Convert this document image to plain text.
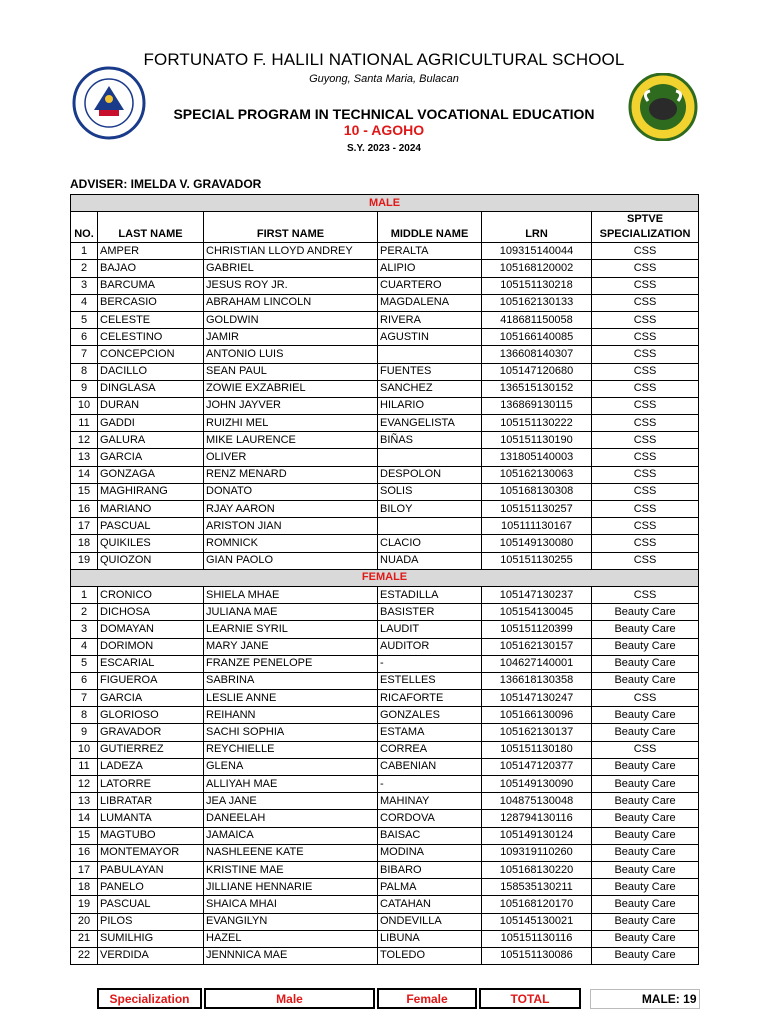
FORTUNATO F. HALILI NATIONAL AGRICULTURAL SCHOOL
Guyong, Santa Maria, Bulacan
SPECIAL PROGRAM IN TECHNICAL VOCATIONAL EDUCATION
10 - AGOHO
S.Y. 2023 - 2024
ADVISER: IMELDA V. GRAVADOR
MALE					
NO.	LAST NAME	FIRST NAME	MIDDLE NAME	LRN	SPTVE
SPECIALIZATION
1	AMPER	CHRISTIAN LLOYD ANDREY	PERALTA	109315140044	CSS
2	BAJAO	GABRIEL	ALIPIO	105168120002	CSS
3	BARCUMA	JESUS ROY JR.	CUARTERO	105151130218	CSS
4	BERCASIO	ABRAHAM LINCOLN	MAGDALENA	105162130133	CSS
5	CELESTE	GOLDWIN	RIVERA	418681150058	CSS
6	CELESTINO	JAMIR	AGUSTIN	105166140085	CSS
7	CONCEPCION	ANTONIO LUIS		136608140307	CSS
8	DACILLO	SEAN PAUL	FUENTES	105147120680	CSS
9	DINGLASA	ZOWIE EXZABRIEL	SANCHEZ	136515130152	CSS
10	DURAN	JOHN JAYVER	HILARIO	136869130115	CSS
11	GADDI	RUIZHI MEL	EVANGELISTA	105151130222	CSS
12	GALURA	MIKE LAURENCE	BIÑAS	105151130190	CSS
13	GARCIA	OLIVER		131805140003	CSS
14	GONZAGA	RENZ MENARD	DESPOLON	105162130063	CSS
15	MAGHIRANG	DONATO	SOLIS	105168130308	CSS
16	MARIANO	RJAY AARON	BILOY	105151130257	CSS
17	PASCUAL	ARISTON JIAN		105111130167	CSS
18	QUIKILES	ROMNICK	CLACIO	105149130080	CSS
19	QUIOZON	GIAN PAOLO	NUADA	105151130255	CSS
FEMALE					
1	CRONICO	SHIELA MHAE	ESTADILLA	105147130237	CSS
2	DICHOSA	JULIANA MAE	BASISTER	105154130045	Beauty Care
3	DOMAYAN	LEARNIE SYRIL	LAUDIT	105151120399	Beauty Care
4	DORIMON	MARY JANE	AUDITOR	105162130157	Beauty Care
5	ESCARIAL	FRANZE PENELOPE	-	104627140001	Beauty Care
6	FIGUEROA	SABRINA	ESTELLES	136618130358	Beauty Care
7	GARCIA	LESLIE ANNE	RICAFORTE	105147130247	CSS
8	GLORIOSO	REIHANN	GONZALES	105166130096	Beauty Care
9	GRAVADOR	SACHI SOPHIA	ESTAMA	105162130137	Beauty Care
10	GUTIERREZ	REYCHIELLE	CORREA	105151130180	CSS
11	LADEZA	GLENA	CABENIAN	105147120377	Beauty Care
12	LATORRE	ALLIYAH MAE	-	105149130090	Beauty Care
13	LIBRATAR	JEA JANE	MAHINAY	104875130048	Beauty Care
14	LUMANTA	DANEELAH	CORDOVA	128794130116	Beauty Care
15	MAGTUBO	JAMAICA	BAISAC	105149130124	Beauty Care
16	MONTEMAYOR	NASHLEENE KATE	MODINA	109319110260	Beauty Care
17	PABULAYAN	KRISTINE MAE	BIBARO	105168130220	Beauty Care
18	PANELO	JILLIANE HENNARIE	PALMA	158535130211	Beauty Care
19	PASCUAL	SHAICA MHAI	CATAHAN	105168120170	Beauty Care
20	PILOS	EVANGILYN	ONDEVILLA	105145130021	Beauty Care
21	SUMILHIG	HAZEL	LIBUNA	105151130116	Beauty Care
22	VERDIDA	JENNNICA MAE	TOLEDO	105151130086	Beauty Care
Specialization		Male		Female		TOTAL		MALE: 19
